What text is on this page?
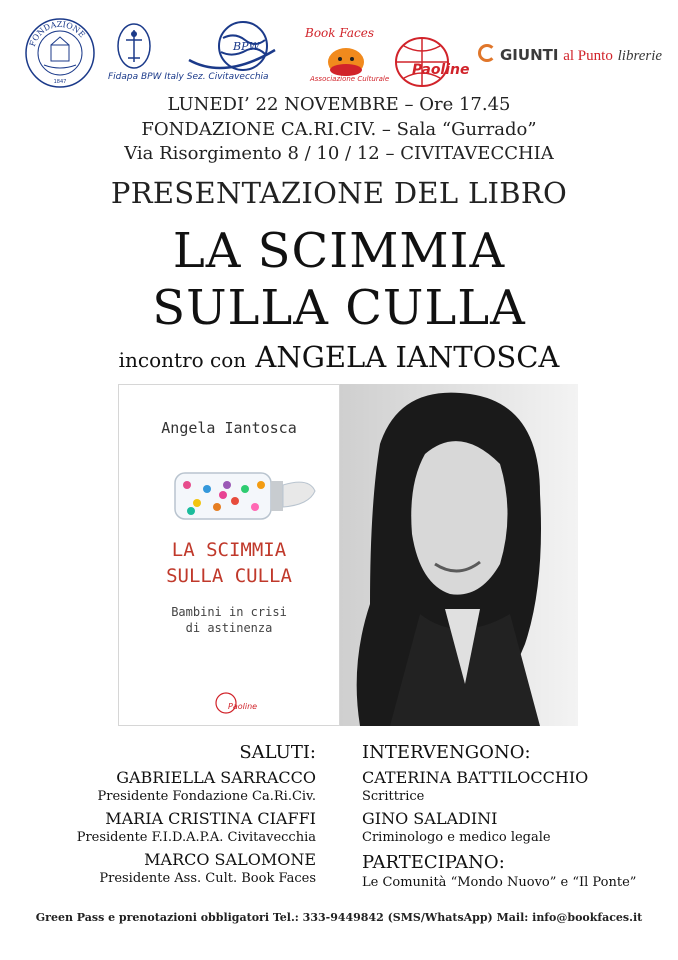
FONDAZIONE
1847	Fidapa BPW Italy Sez. Civitavecchia
BPW
Book Faces
Associazione Culturale
Paoline
GIUNTI al Punto librerie
LUNEDI’ 22 NOVEMBRE – Ore 17.45
FONDAZIONE CA.RI.CIV. – Sala “Gurrado”
Via Risorgimento 8 / 10 / 12 – CIVITAVECCHIA
PRESENTAZIONE DEL LIBRO
LA SCIMMIA
SULLA CULLA
incontro con ANGELA IANTOSCA
Angela Iantosca
LA SCIMMIA
SULLA CULLA
Bambini in crisi
di astinenza
Paoline
SALUTI:
GABRIELLA SARRACCO
Presidente Fondazione Ca.Ri.Civ.
MARIA CRISTINA CIAFFI
Presidente F.I.D.A.P.A. Civitavecchia
MARCO SALOMONE
Presidente Ass. Cult. Book Faces
INTERVENGONO:
CATERINA BATTILOCCHIO
Scrittrice
GINO SALADINI
Criminologo e medico legale
PARTECIPANO:
Le Comunità “Mondo Nuovo” e “Il Ponte”
Green Pass e prenotazioni obbligatori Tel.: 333-9449842 (SMS/WhatsApp) Mail: info@bookfaces.it
